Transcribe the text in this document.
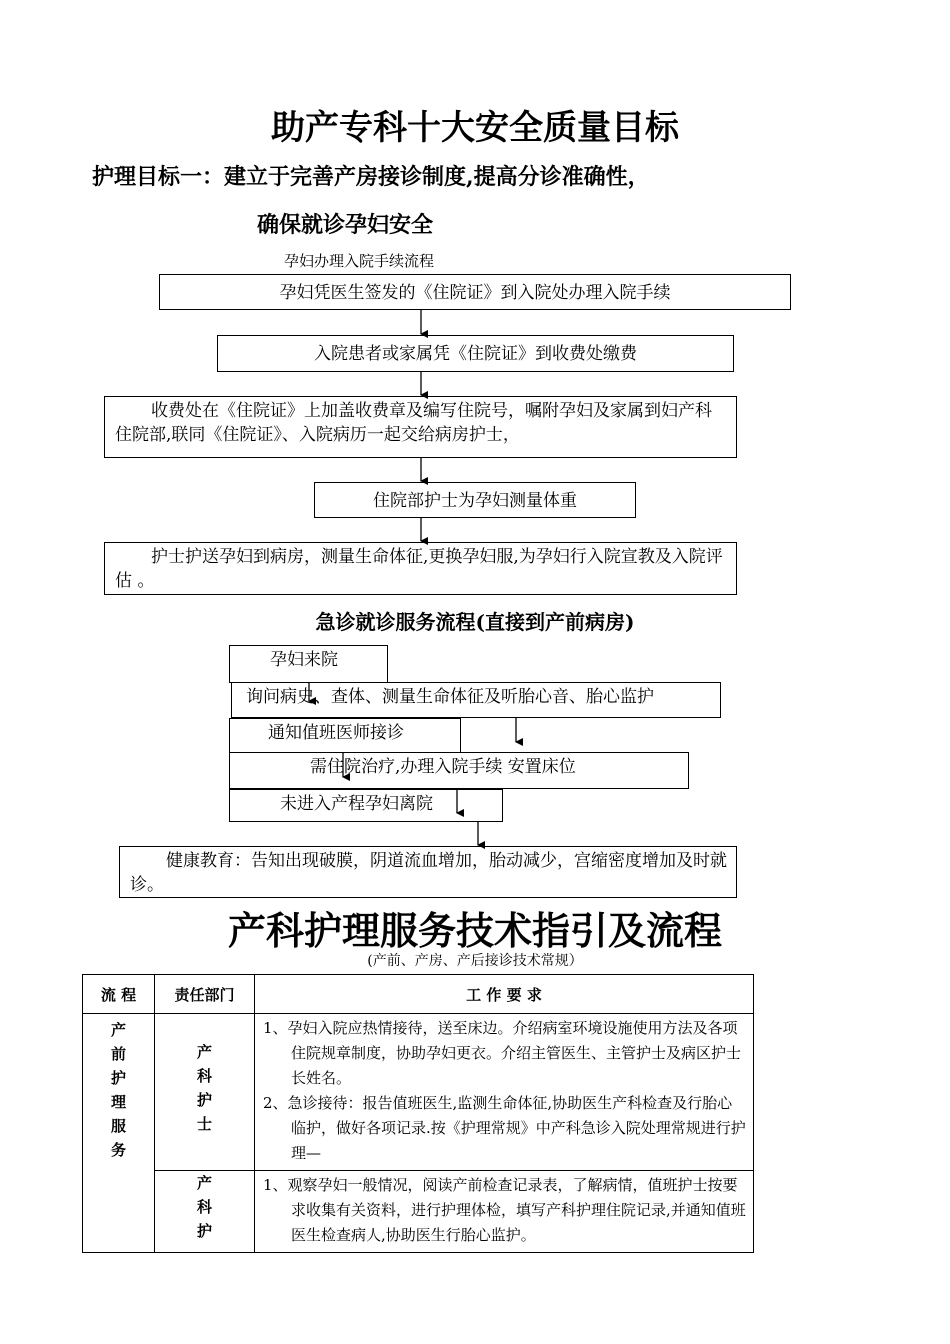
助产专科十大安全质量目标
护理目标一：建立于完善产房接诊制度,提高分诊准确性，
确保就诊孕妇安全
孕妇办理入院手续流程
孕妇凭医生签发的《住院证》到入院处办理入院手续
入院患者或家属凭《住院证》到收费处缴费
收费处在《住院证》上加盖收费章及编写住院号，嘱附孕妇及家属到妇产科住院部,联同《住院证》、入院病历一起交给病房护士，
住院部护士为孕妇测量体重
护士护送孕妇到病房，测量生命体征,更换孕妇服,为孕妇行入院宣教及入院评估 。
急诊就诊服务流程(直接到产前病房)
孕妇来院
询问病史、查体、测量生命体征及听胎心音、胎心监护
通知值班医师接诊
需住院治疗,办理入院手续 安置床位
未进入产程孕妇离院
健康教育：告知出现破膜，阴道流血增加，胎动减少，宫缩密度增加及时就诊。
产科护理服务技术指引及流程
(产前、产房、产后接诊技术常规）
流 程	责任部门	工 作 要 求
产前护理服务	产科护士	1、孕妇入院应热情接待，送至床边。介绍病室环境设施使用方法及各项住院规章制度，协助孕妇更衣。介绍主管医生、主管护士及病区护士长姓名。
2、急诊接待：报告值班医生,监测生命体征,协助医生产科检查及行胎心临护，做好各项记录.按《护理常规》中产科急诊入院处理常规进行护理—

	产科护	1、观察孕妇一般情况，阅读产前检查记录表，了解病情，值班护士按要求收集有关资料，进行护理体检，填写产科护理住院记录,并通知值班医生检查病人,协助医生行胎心监护。
